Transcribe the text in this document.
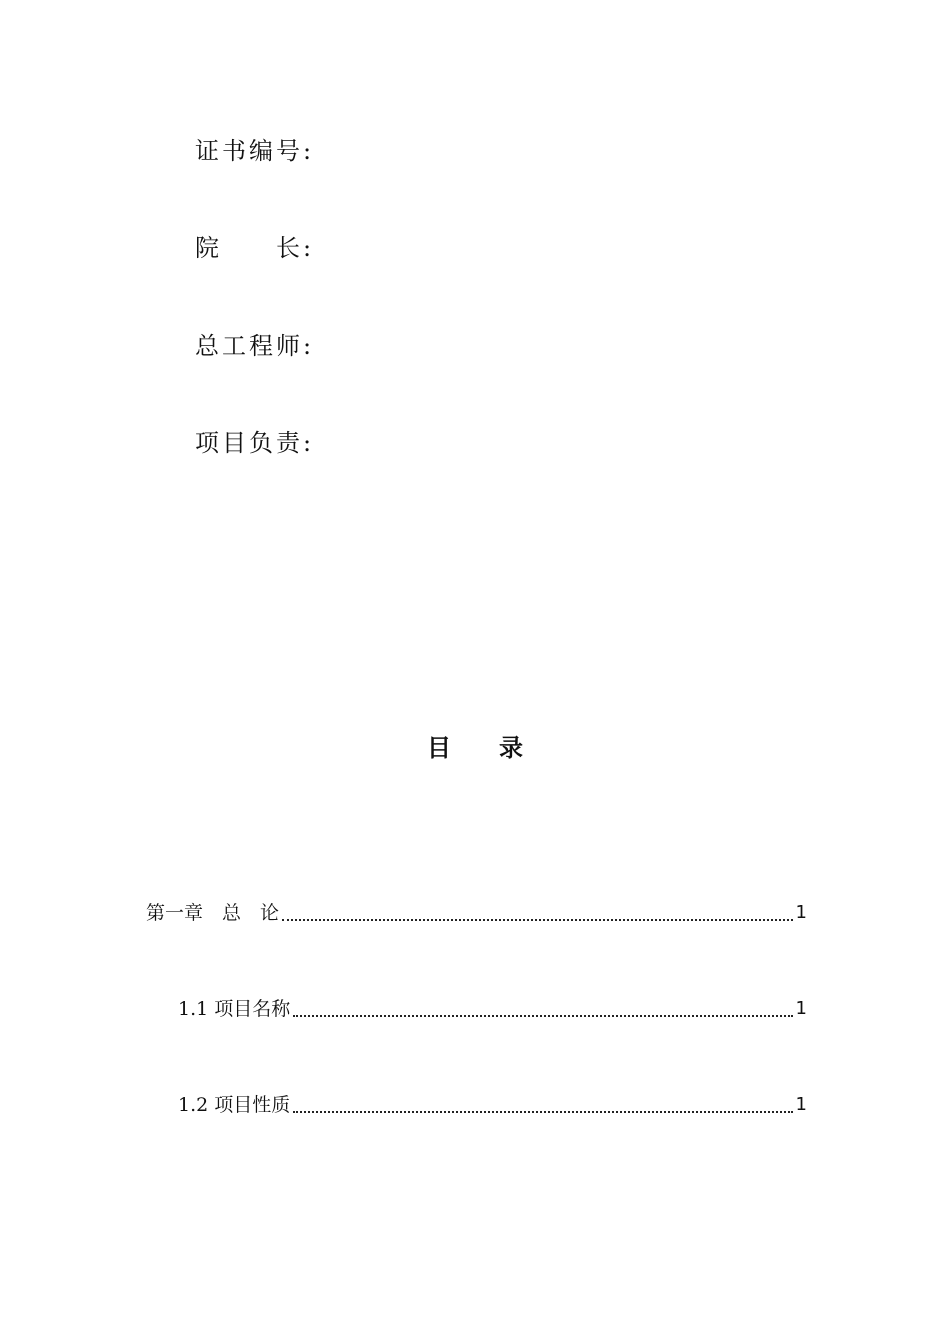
证书编号:
院　　长:
总工程师:
项目负责:
目　　录
第一章　总　论	1
1.1 项目名称	1
1.2 项目性质	1
